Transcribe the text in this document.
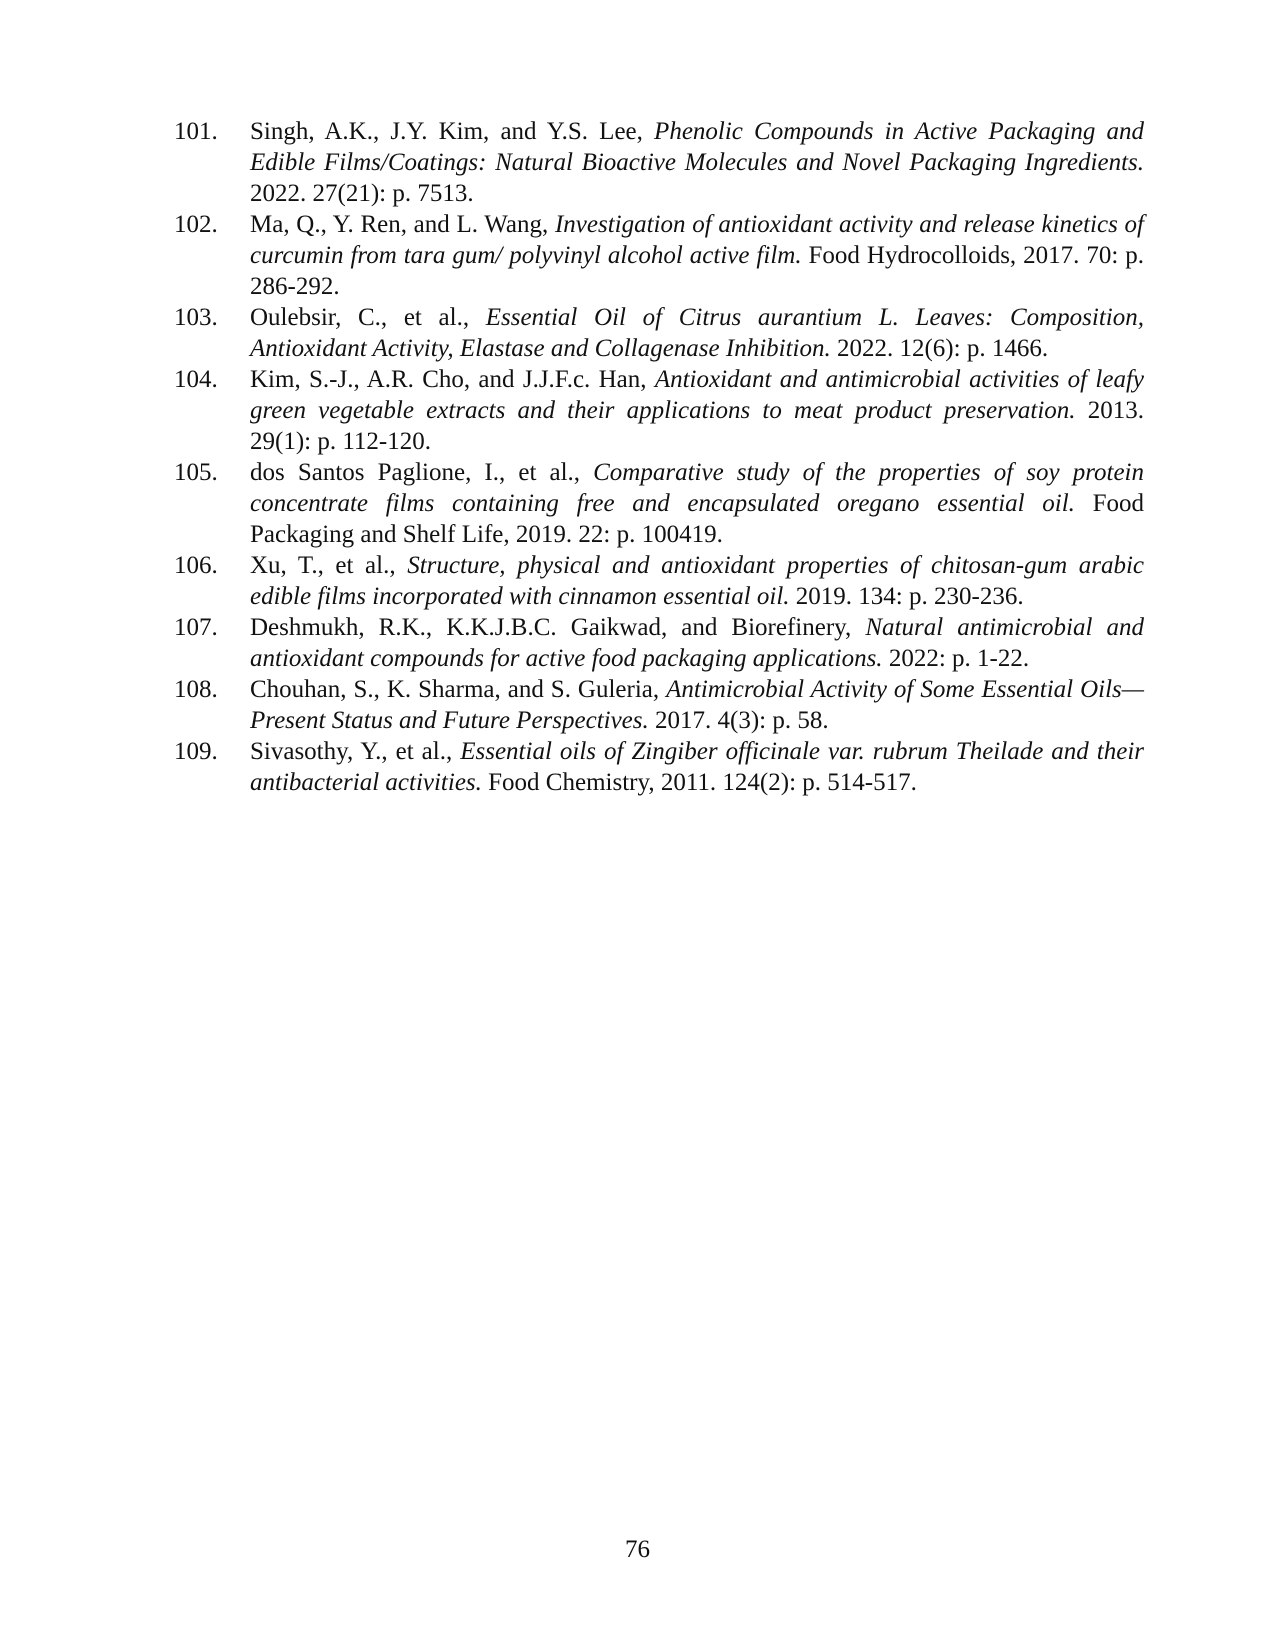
101.	Singh, A.K., J.Y. Kim, and Y.S. Lee, Phenolic Compounds in Active Packaging and Edible Films/Coatings: Natural Bioactive Molecules and Novel Packaging Ingredients. 2022. 27(21): p. 7513.
102.	Ma, Q., Y. Ren, and L. Wang, Investigation of antioxidant activity and release kinetics of curcumin from tara gum/ polyvinyl alcohol active film. Food Hydrocolloids, 2017. 70: p. 286-292.
103.	Oulebsir, C., et al., Essential Oil of Citrus aurantium L. Leaves: Composition, Antioxidant Activity, Elastase and Collagenase Inhibition. 2022. 12(6): p. 1466.
104.	Kim, S.-J., A.R. Cho, and J.J.F.c. Han, Antioxidant and antimicrobial activities of leafy green vegetable extracts and their applications to meat product preservation. 2013. 29(1): p. 112-120.
105.	dos Santos Paglione, I., et al., Comparative study of the properties of soy protein concentrate films containing free and encapsulated oregano essential oil. Food Packaging and Shelf Life, 2019. 22: p. 100419.
106.	Xu, T., et al., Structure, physical and antioxidant properties of chitosan-gum arabic edible films incorporated with cinnamon essential oil. 2019. 134: p. 230-236.
107.	Deshmukh, R.K., K.K.J.B.C. Gaikwad, and Biorefinery, Natural antimicrobial and antioxidant compounds for active food packaging applications. 2022: p. 1-22.
108.	Chouhan, S., K. Sharma, and S. Guleria, Antimicrobial Activity of Some Essential Oils—Present Status and Future Perspectives. 2017. 4(3): p. 58.
109.	Sivasothy, Y., et al., Essential oils of Zingiber officinale var. rubrum Theilade and their antibacterial activities. Food Chemistry, 2011. 124(2): p. 514-517.
76
